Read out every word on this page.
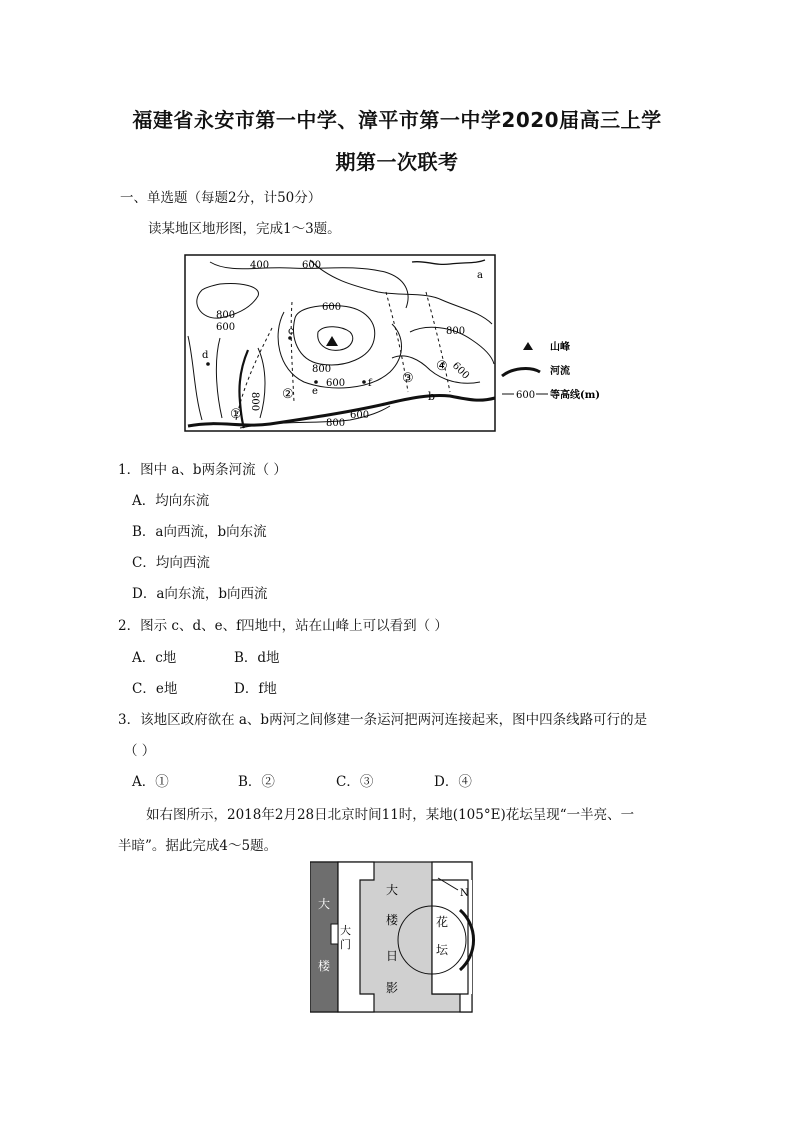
福建省永安市第一中学、漳平市第一中学2020届高三上学
期第一次联考
一、单选题（每题2分，计50分）
读某地区地形图，完成1～3题。
400	600
800
600
600
800
800
600
600
800
800
600
a
b
c
d
e
f
①
②
③
④
山峰
河流
600 等高线(m)
1．图中 a、b两条河流（ ）
A．均向东流
B．a向西流，b向东流
C．均向西流
D．a向东流，b向西流
2．图示 c、d、e、f四地中，站在山峰上可以看到（ ）
A．c地	B．d地
C．e地	D．f地
3．该地区政府欲在 a、b两河之间修建一条运河把两河连接起来，图中四条线路可行的是
（ ）
A．①	B．②	C．③	D．④
如右图所示，2018年2月28日北京时间11时，某地(105°E)花坛呈现“一半亮、一
半暗”。据此完成4～5题。
大
楼
大
门
大
楼
日
影
花
坛
N
